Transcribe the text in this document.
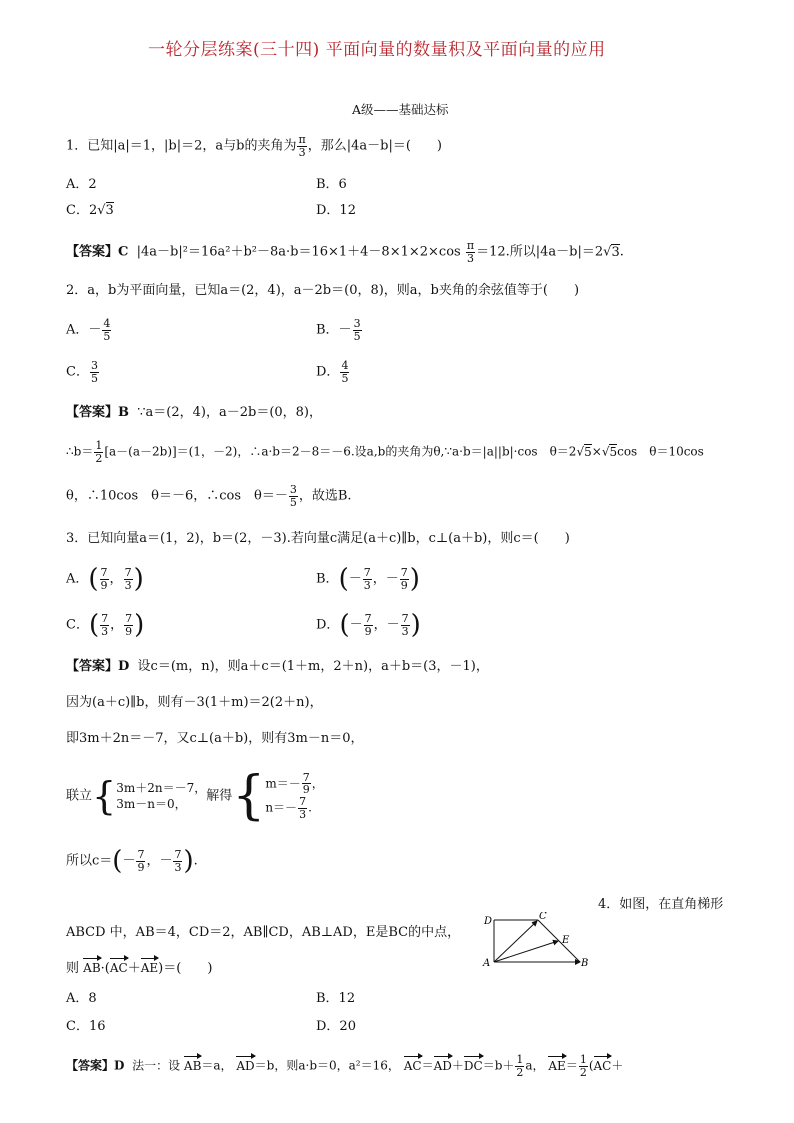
一轮分层练案(三十四) 平面向量的数量积及平面向量的应用
A级——基础达标
1．已知|a|＝1，|b|＝2，a与b的夹角为 $\frac{\pi}{3}$ ，那么|4a－b|＝(　　)
A．2	B．6
C．2√3	D．12
【答案】C $|4a-b|^2=16a^2+b^2-8a\cdot b=16\times 1+4-8\times 1\times 2\times\cos \frac{\pi}{3} =12$.所以|4a－b|＝2√3.
2．a，b为平面向量，已知a＝(2，4)，a－2b＝(0，8)，则a，b夹角的余弦值等于(　　)
A．－ $\frac{4}{5}$	B．－ $\frac{3}{5}$
C． $\frac{3}{5}$	D． $\frac{4}{5}$
【答案】B ∵a＝(2，4)，a－2b＝(0，8)，
∴b＝ $\frac{1}{2} [a-(a-2b)]=(1$，－2)，∴a·b＝2－8＝－6.设a,b的夹角为θ,∵a·b＝|a||b|·cos　θ＝2√5×√5cos　θ＝10cos
θ，∴10cos　θ＝－6，∴cos　$\theta=- \frac{3}{5}$ ，故选B.
3．已知向量a＝(1，2)，b＝(2，－3).若向量c满足(a＋c)∥b，c⊥(a＋b)，则c＝(　　)
A．( $\frac{7}{9}$ ， $\frac{7}{3}$ )	B．(－ $\frac{7}{3}$ ，－ $\frac{7}{9}$ )
C．( $\frac{7}{3}$ ， $\frac{7}{9}$ )	D．(－ $\frac{7}{9}$ ，－ $\frac{7}{3}$ )
【答案】D 设c＝(m，n)，则a＋c＝(1＋m，2＋n)，a＋b＝(3，－1)，
因为(a＋c)∥b，则有－3(1＋m)＝2(2＋n)，
即3m＋2n＝－7，又c⊥(a＋b)，则有3m－n＝0，
联立{ 3m＋2n＝－7，
3m－n＝0，
解得{ $m=- \frac{7}{9}$ ，
$n=- \frac{7}{3}$ .
所以$c=(- \frac{7}{9}$ ，－ $\frac{7}{3}$ ).
4．如图，在直角梯形
ABCD 中，AB＝4，CD＝2，AB∥CD，AB⊥AD，E是BC的中点，
则 AB·(AC＋AE)＝(　　)
D	C
E
A	B
A．8	B．12
C．16	D．20
【答案】D 法一：设 AB＝a， AD＝b，则a·b＝0，a²＝16， $AC=AD+DC=b+ \frac{1}{2}$ a， $AE= \frac{1}{2} (AC+$
